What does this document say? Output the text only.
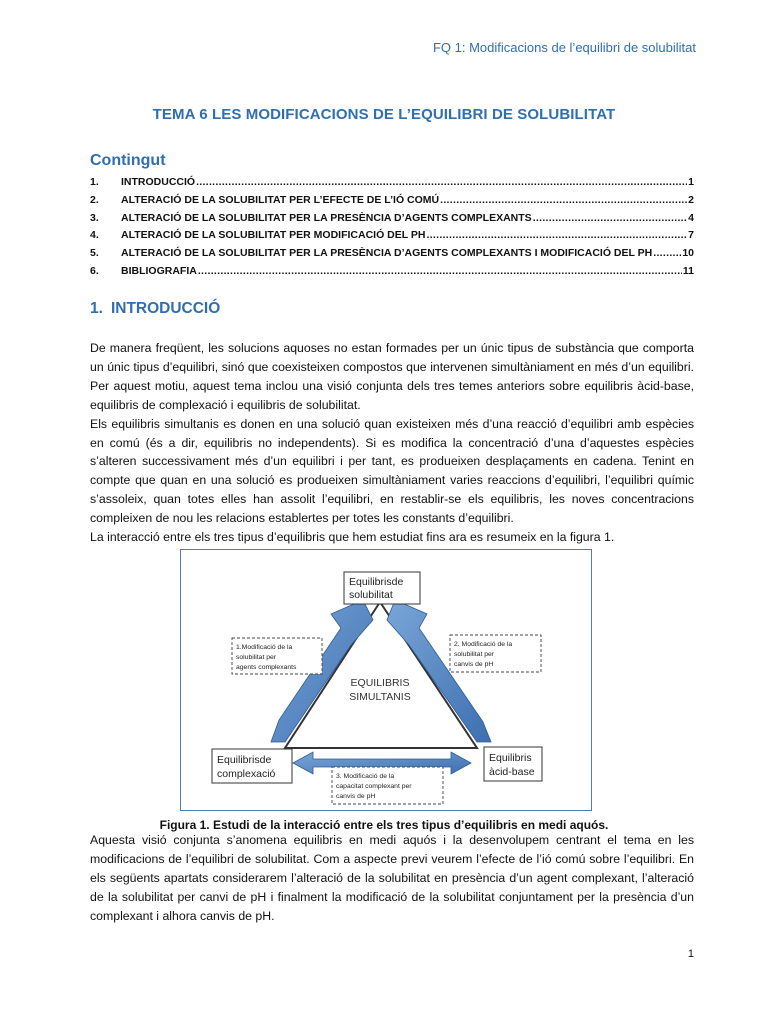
FQ 1: Modificacions de l’equilibri de solubilitat
TEMA 6 LES MODIFICACIONS DE L’EQUILIBRI DE SOLUBILITAT
Contingut
1.	INTRODUCCIÓ .....	1
2.	ALTERACIÓ DE LA SOLUBILITAT PER L’EFECTE DE L’IÓ COMÚ .....	2
3.	ALTERACIÓ DE LA SOLUBILITAT PER LA PRESÈNCIA D’AGENTS COMPLEXANTS .....	4
4.	ALTERACIÓ DE LA SOLUBILITAT PER MODIFICACIÓ DEL PH .....	7
5.	ALTERACIÓ DE LA SOLUBILITAT PER LA PRESÈNCIA D’AGENTS COMPLEXANTS I MODIFICACIÓ DEL PH .....	10
6.	BIBLIOGRAFIA .....	11
1. INTRODUCCIÓ

De manera freqüent, les solucions aquoses no estan formades per un únic tipus de substància que comporta un únic tipus d’equilibri, sinó que coexisteixen compostos que intervenen simultàniament en més d’un equilibri. Per aquest motiu, aquest tema inclou una visió conjunta dels tres temes anteriors sobre equilibris àcid-base, equilibris de complexació i equilibris de solubilitat.

Els equilibris simultanis es donen en una solució quan existeixen més d’una reacció d’equilibri amb espècies en comú (és a dir, equilibris no independents). Si es modifica la concentració d’una d’aquestes espècies s’alteren successivament més d’un equilibri i per tant, es produeixen desplaçaments en cadena. Tenint en compte que quan en una solució es produeixen simultàniament varies reaccions d’equilibri, l’equilibri químic s’assoleix, quan totes elles han assolit l’equilibri, en restablir-se els equilibris, les noves concentracions compleixen de nou les relacions establertes per totes les constants d’equilibri.

La interacció entre els tres tipus d’equilibris que hem estudiat fins ara es resumeix en la figura 1.

Equilibrisde
solubilitat
Equilibrisde
complexació
Equilibris
àcid-base
EQUILIBRIS
SIMULTANIS
1.Modificació de la
solubilitat per
agents complexants
2. Modificació de la
solubilitat per
canvis de pH
3. Modificació de la
capacitat complexant per
canvis de pH
Figura 1. Estudi de la interacció entre els tres tipus d’equilibris en medi aquós.

Aquesta visió conjunta s’anomena equilibris en medi aquós i la desenvolupem centrant el tema en les modificacions de l’equilibri de solubilitat. Com a aspecte previ veurem l’efecte de l’ió comú sobre l’equilibri. En els següents apartats considerarem l’alteració de la solubilitat en presència d’un agent complexant, l’alteració de la solubilitat per canvi de pH i finalment la modificació de la solubilitat conjuntament per la presència d’un complexant i alhora canvis de pH.

1
